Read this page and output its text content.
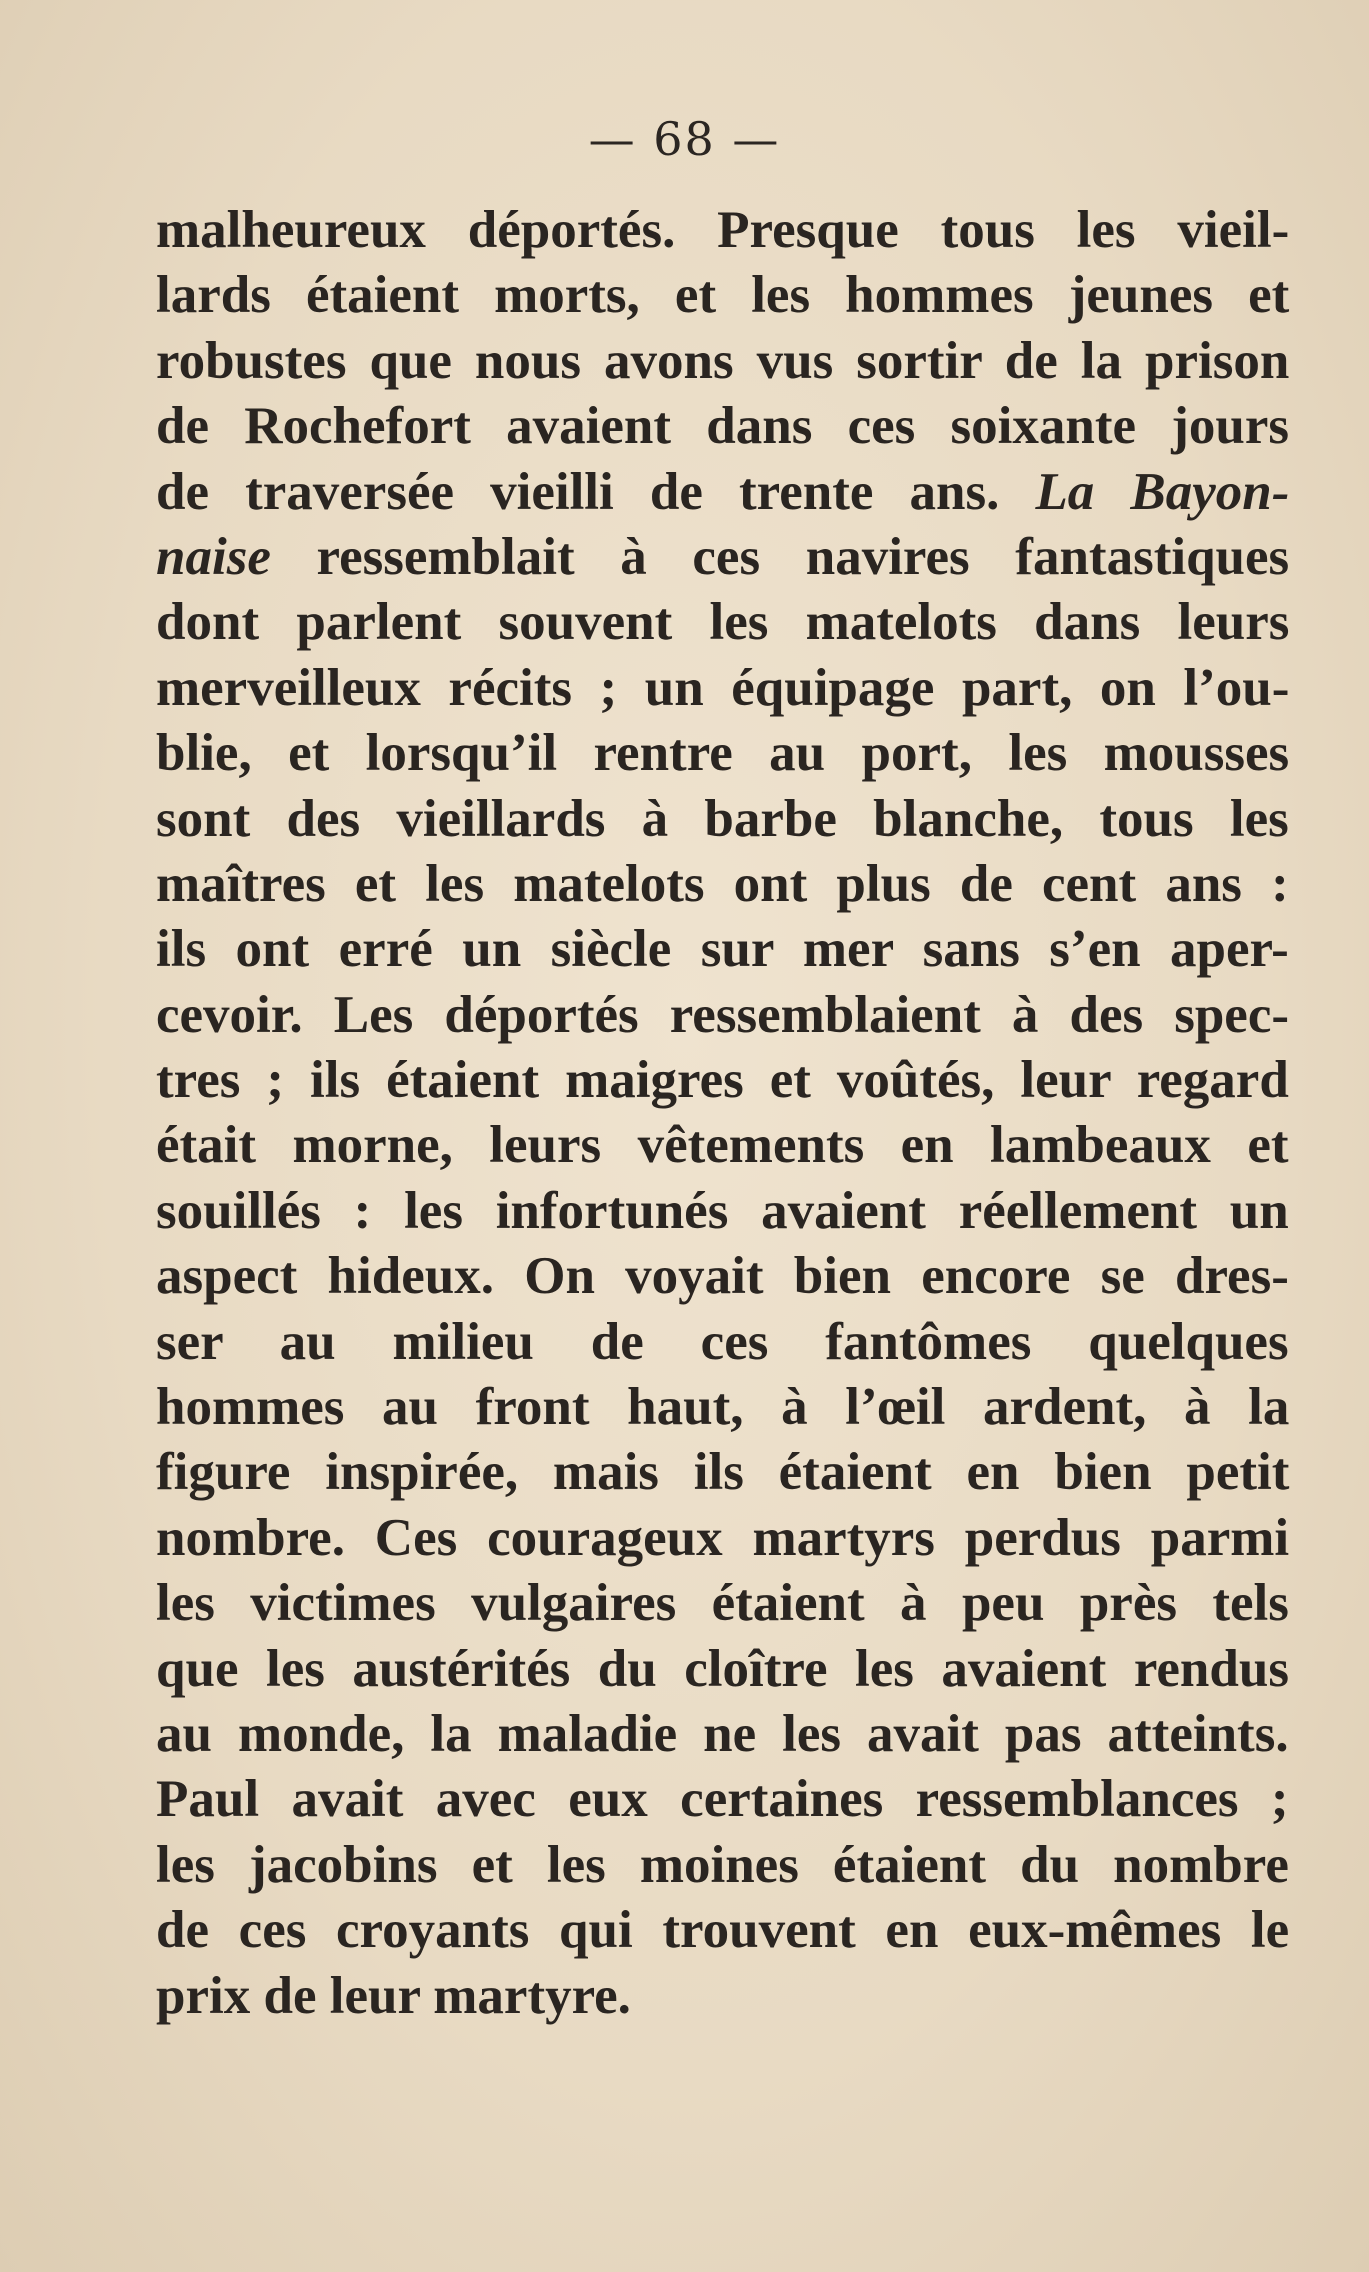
— 68 —
malheureux déportés. Presque tous les vieil-
lards étaient morts, et les hommes jeunes et
robustes que nous avons vus sortir de la prison
de Rochefort avaient dans ces soixante jours
de traversée vieilli de trente ans. La Bayon-
naise ressemblait à ces navires fantastiques
dont parlent souvent les matelots dans leurs
merveilleux récits ; un équipage part, on l’ou-
blie, et lorsqu’il rentre au port, les mousses
sont des vieillards à barbe blanche, tous les
maîtres et les matelots ont plus de cent ans :
ils ont erré un siècle sur mer sans s’en aper-
cevoir. Les déportés ressemblaient à des spec-
tres ; ils étaient maigres et voûtés, leur regard
était morne, leurs vêtements en lambeaux et
souillés : les infortunés avaient réellement un
aspect hideux. On voyait bien encore se dres-
ser au milieu de ces fantômes quelques
hommes au front haut, à l’œil ardent, à la
figure inspirée, mais ils étaient en bien petit
nombre. Ces courageux martyrs perdus parmi
les victimes vulgaires étaient à peu près tels
que les austérités du cloître les avaient rendus
au monde, la maladie ne les avait pas atteints.
Paul avait avec eux certaines ressemblances ;
les jacobins et les moines étaient du nombre
de ces croyants qui trouvent en eux-mêmes le
prix de leur martyre.
